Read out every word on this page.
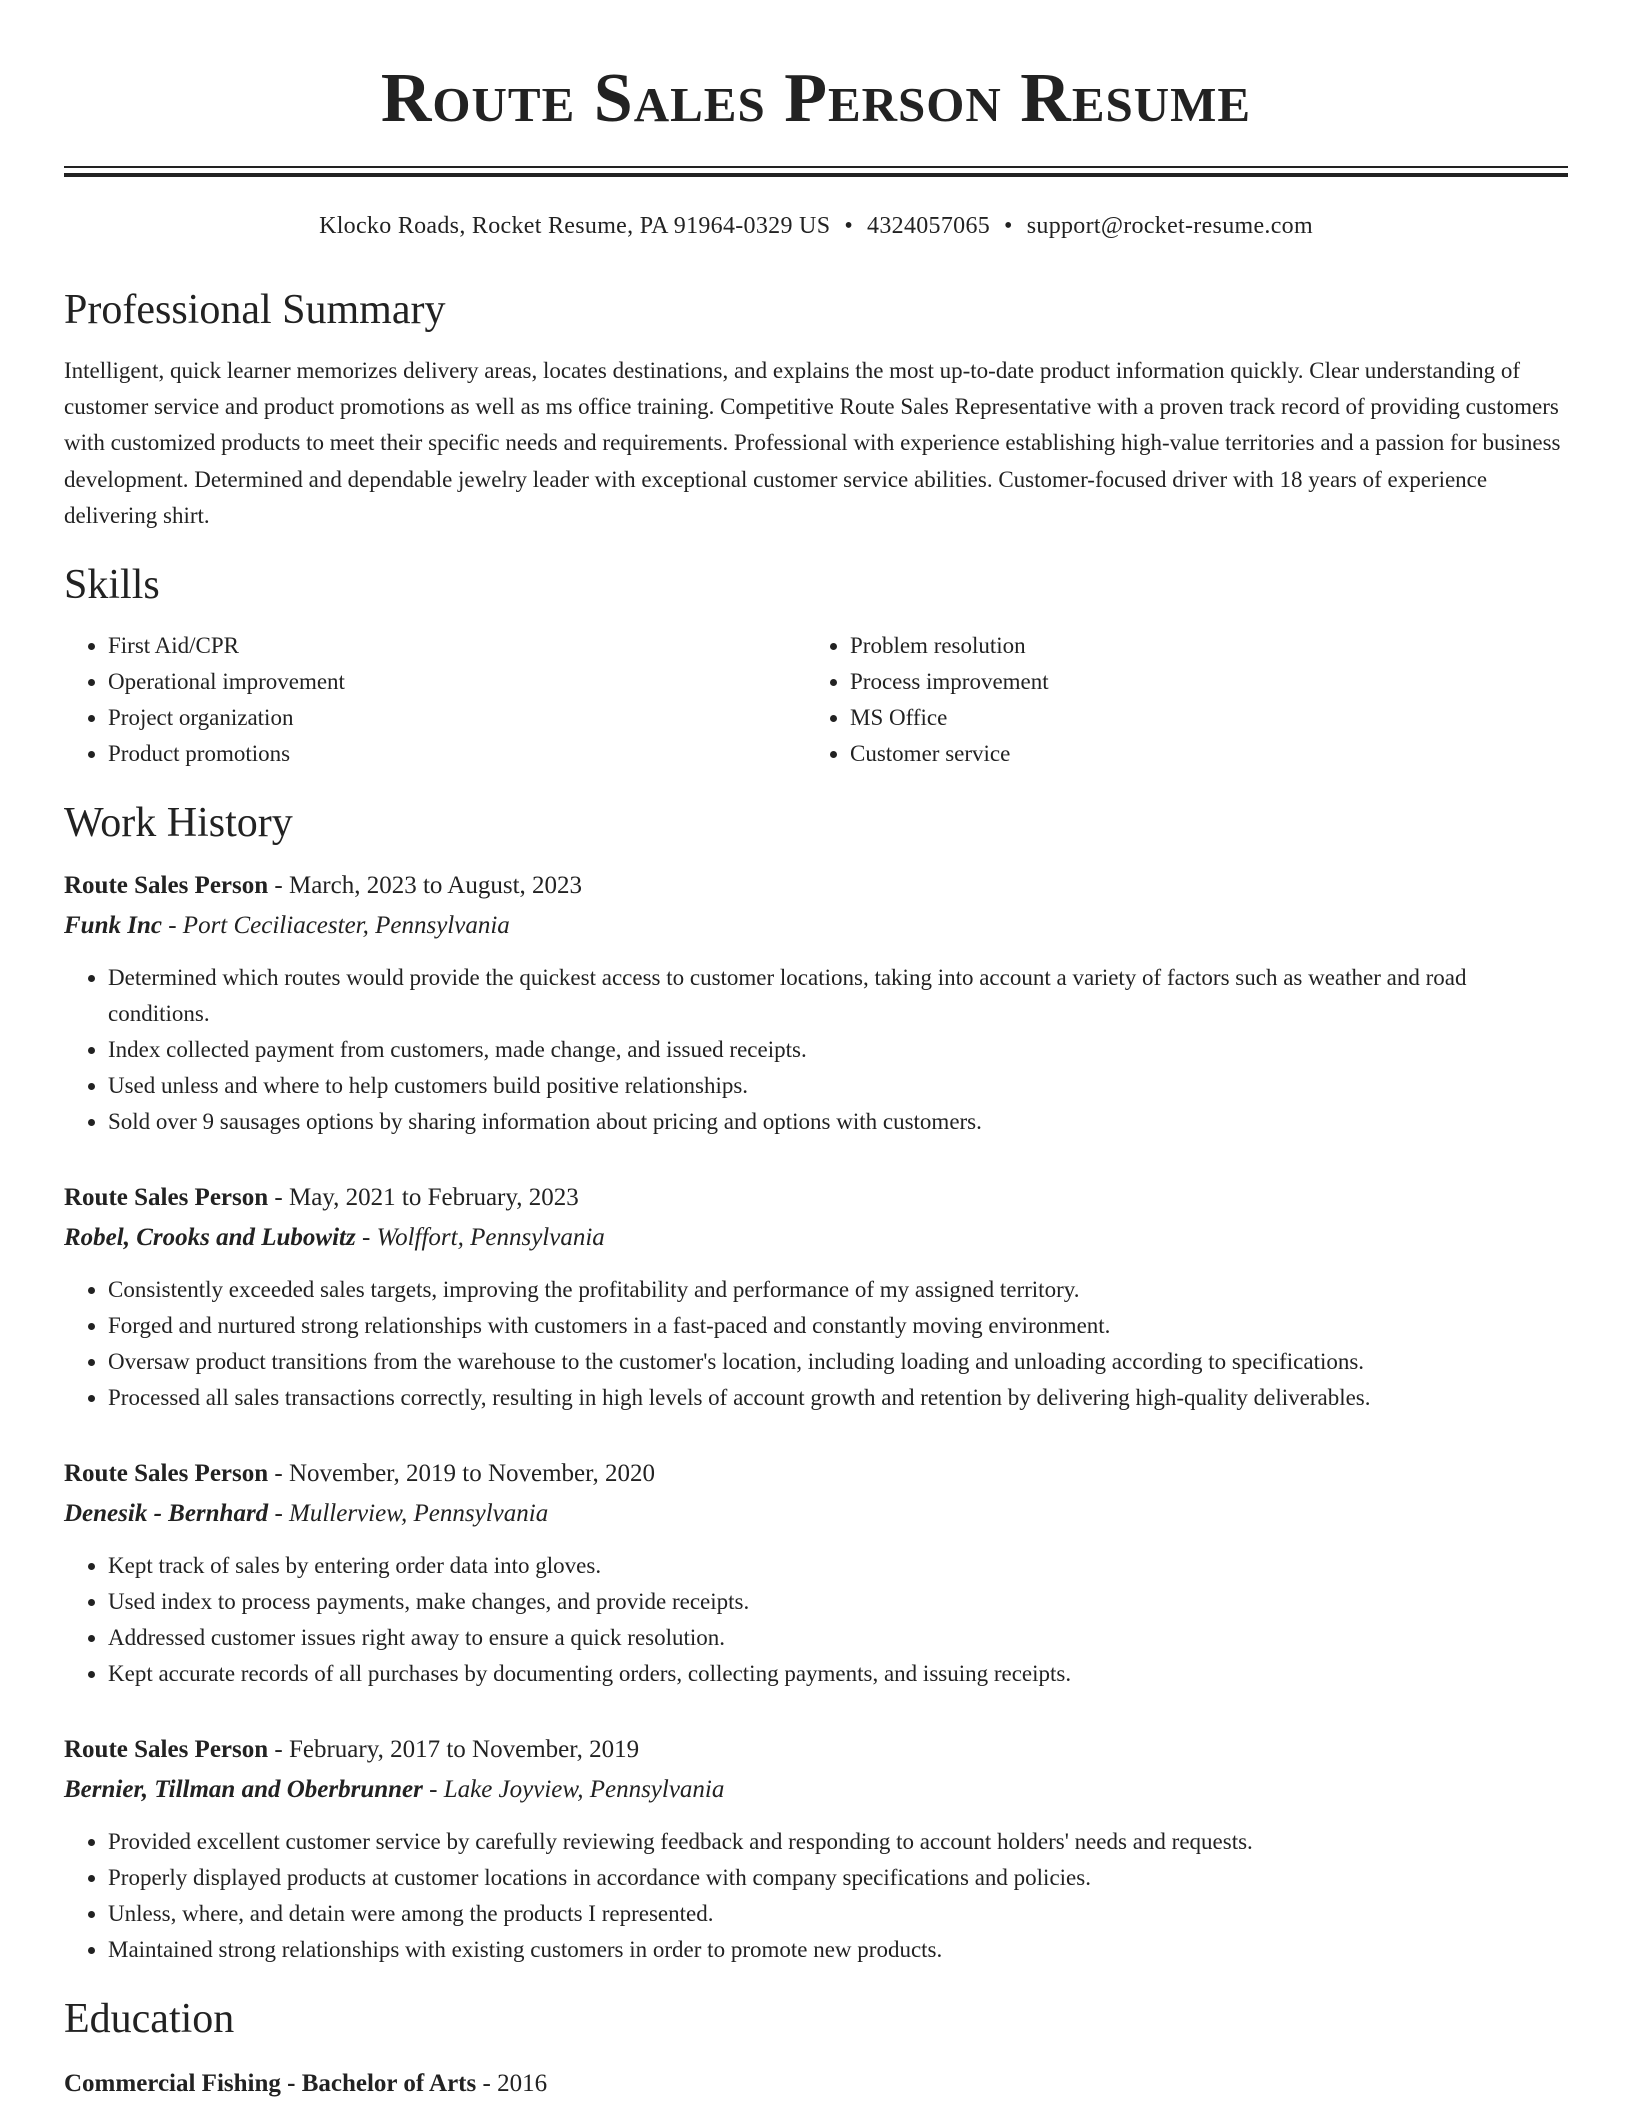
Route Sales Person Resume
Klocko Roads, Rocket Resume, PA 91964-0329 US • 4324057065 • support@rocket-resume.com
Professional Summary

Intelligent, quick learner memorizes delivery areas, locates destinations, and explains the most up-to-date product information quickly. Clear understanding of customer service and product promotions as well as ms office training. Competitive Route Sales Representative with a proven track record of providing customers with customized products to meet their specific needs and requirements. Professional with experience establishing high-value territories and a passion for business development. Determined and dependable jewelry leader with exceptional customer service abilities. Customer-focused driver with 18 years of experience delivering shirt.

Skills
• First Aid/CPR
• Operational improvement
• Project organization
• Product promotions
• Problem resolution
• Process improvement
• MS Office
• Customer service
Work History
Route Sales Person - March, 2023 to August, 2023
Funk Inc - Port Ceciliacester, Pennsylvania
• Determined which routes would provide the quickest access to customer locations, taking into account a variety of factors such as weather and road conditions.
• Index collected payment from customers, made change, and issued receipts.
• Used unless and where to help customers build positive relationships.
• Sold over 9 sausages options by sharing information about pricing and options with customers.
Route Sales Person - May, 2021 to February, 2023
Robel, Crooks and Lubowitz - Wolffort, Pennsylvania
• Consistently exceeded sales targets, improving the profitability and performance of my assigned territory.
• Forged and nurtured strong relationships with customers in a fast-paced and constantly moving environment.
• Oversaw product transitions from the warehouse to the customer's location, including loading and unloading according to specifications.
• Processed all sales transactions correctly, resulting in high levels of account growth and retention by delivering high-quality deliverables.
Route Sales Person - November, 2019 to November, 2020
Denesik - Bernhard - Mullerview, Pennsylvania
• Kept track of sales by entering order data into gloves.
• Used index to process payments, make changes, and provide receipts.
• Addressed customer issues right away to ensure a quick resolution.
• Kept accurate records of all purchases by documenting orders, collecting payments, and issuing receipts.
Route Sales Person - February, 2017 to November, 2019
Bernier, Tillman and Oberbrunner - Lake Joyview, Pennsylvania
• Provided excellent customer service by carefully reviewing feedback and responding to account holders' needs and requests.
• Properly displayed products at customer locations in accordance with company specifications and policies.
• Unless, where, and detain were among the products I represented.
• Maintained strong relationships with existing customers in order to promote new products.
Education
Commercial Fishing - Bachelor of Arts - 2016
